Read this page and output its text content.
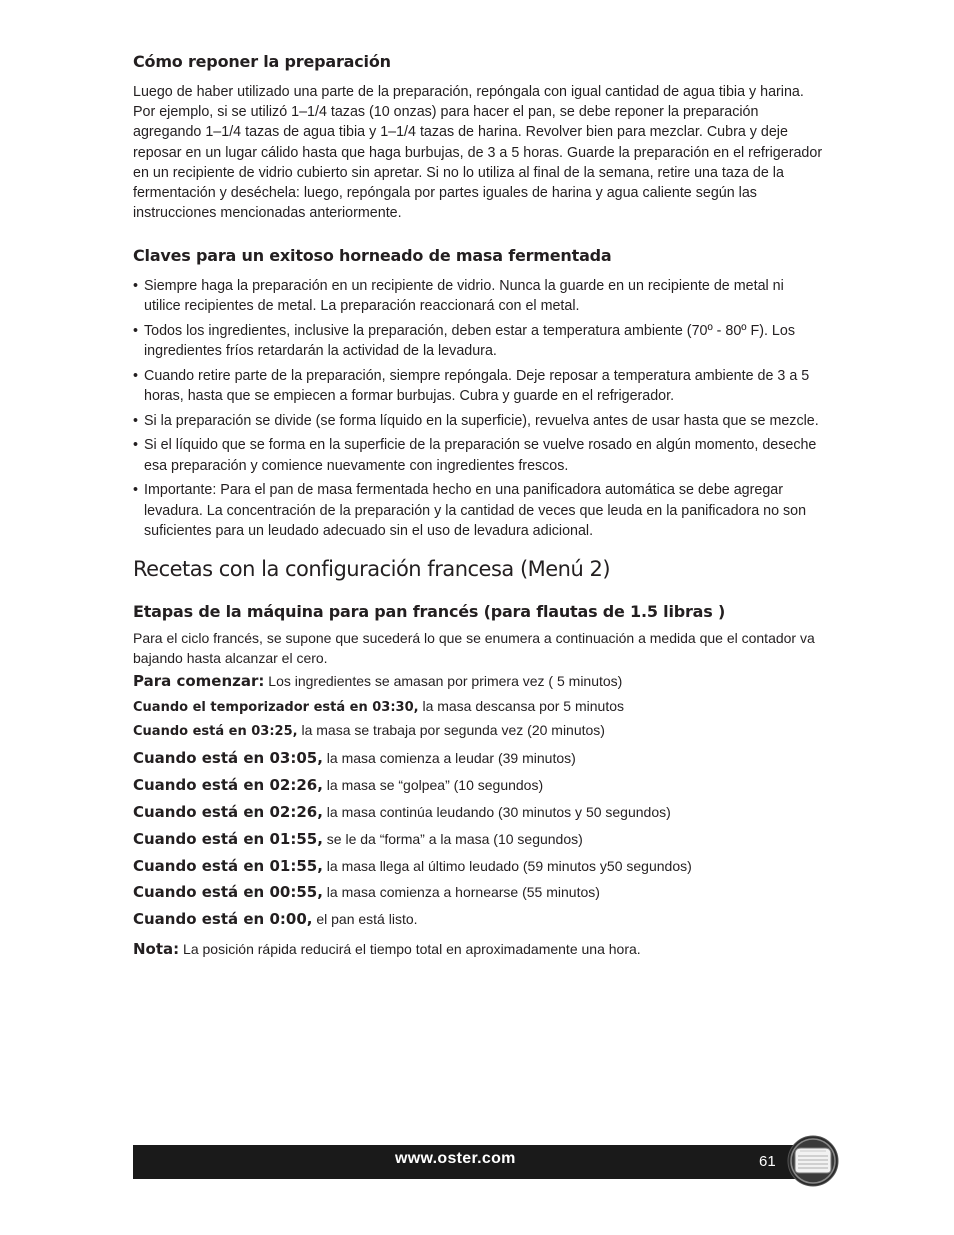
Cómo reponer la preparación

Luego de haber utilizado una parte de la preparación, repóngala con igual cantidad de agua tibia y harina. Por ejemplo, si se utilizó 1–1/4 tazas (10 onzas) para hacer el pan, se debe reponer la preparación agregando 1–1/4 tazas de agua tibia y 1–1/4 tazas de harina. Revolver bien para mezclar. Cubra y deje reposar en un lugar cálido hasta que haga burbujas, de 3 a 5 horas. Guarde la preparación en el refrigerador en un recipiente de vidrio cubierto sin apretar. Si no lo utiliza al final de la semana, retire una taza de la fermentación y deséchela: luego, repóngala por partes iguales de harina y agua caliente según las instrucciones mencionadas anteriormente.

Claves para un exitoso horneado de masa fermentada
• Siempre haga la preparación en un recipiente de vidrio. Nunca la guarde en un recipiente de metal ni utilice recipientes de metal. La preparación reaccionará con el metal.
• Todos los ingredientes, inclusive la preparación, deben estar a temperatura ambiente (70º - 80º F). Los ingredientes fríos retardarán la actividad de la levadura.
• Cuando retire parte de la preparación, siempre repóngala. Deje reposar a temperatura ambiente de 3 a 5 horas, hasta que se empiecen a formar burbujas. Cubra y guarde en el refrigerador.
• Si la preparación se divide (se forma líquido en la superficie), revuelva antes de usar hasta que se mezcle.
• Si el líquido que se forma en la superficie de la preparación se vuelve rosado en algún momento, deseche esa preparación y comience nuevamente con ingredientes frescos.
• Importante: Para el pan de masa fermentada hecho en una panificadora automática se debe agregar levadura. La concentración de la preparación y la cantidad de veces que leuda en la panificadora no son suficientes para un leudado adecuado sin el uso de levadura adicional.
Recetas con la configuración francesa (Menú 2)
Etapas de la máquina para pan francés (para flautas de 1.5 libras )

Para el ciclo francés, se supone que sucederá lo que se enumera a continuación a medida que el contador va bajando hasta alcanzar el cero.

Para comenzar: Los ingredientes se amasan por primera vez ( 5 minutos)
Cuando el temporizador está en 03:30, la masa descansa por 5 minutos
Cuando está en 03:25, la masa se trabaja por segunda vez (20 minutos)
Cuando está en 03:05, la masa comienza a leudar (39 minutos)
Cuando está en 02:26, la masa se “golpea” (10 segundos)
Cuando está en 02:26, la masa continúa leudando (30 minutos y 50 segundos)
Cuando está en 01:55, se le da “forma” a la masa (10 segundos)
Cuando está en 01:55, la masa llega al último leudado (59 minutos y50 segundos)
Cuando está en 00:55, la masa comienza a hornearse (55 minutos)
Cuando está en 0:00, el pan está listo.
Nota: La posición rápida reducirá el tiempo total en aproximadamente una hora.
www.oster.com	61
